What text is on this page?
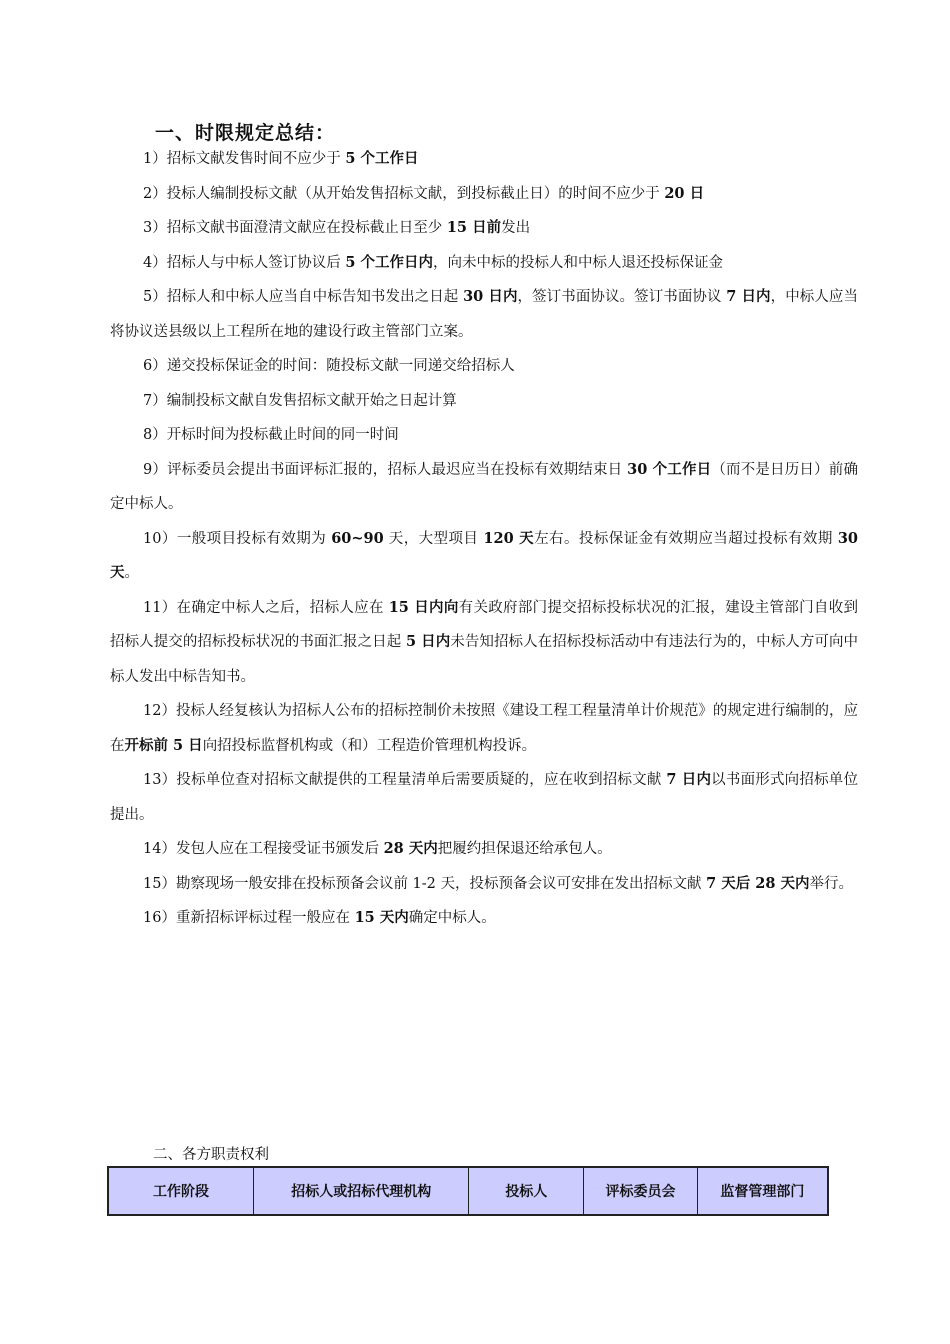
一、时限规定总结：

1）招标文献发售时间不应少于 5 个工作日

2）投标人编制投标文献（从开始发售招标文献，到投标截止日）的时间不应少于 20 日

3）招标文献书面澄清文献应在投标截止日至少 15 日前发出

4）招标人与中标人签订协议后 5 个工作日内，向未中标的投标人和中标人退还投标保证金

5）招标人和中标人应当自中标告知书发出之日起 30 日内，签订书面协议。签订书面协议 7 日内，中标人应当将协议送县级以上工程所在地的建设行政主管部门立案。

6）递交投标保证金的时间：随投标文献一同递交给招标人

7）编制投标文献自发售招标文献开始之日起计算

8）开标时间为投标截止时间的同一时间

9）评标委员会提出书面评标汇报的，招标人最迟应当在投标有效期结束日 30 个工作日（而不是日历日）前确定中标人。

10）一般项目投标有效期为 60~90 天，大型项目 120 天左右。投标保证金有效期应当超过投标有效期 30 天。

11）在确定中标人之后，招标人应在 15 日内向有关政府部门提交招标投标状况的汇报，建设主管部门自收到招标人提交的招标投标状况的书面汇报之日起 5 日内未告知招标人在招标投标活动中有违法行为的，中标人方可向中标人发出中标告知书。

12）投标人经复核认为招标人公布的招标控制价未按照《建设工程工程量清单计价规范》的规定进行编制的，应在开标前 5 日向招投标监督机构或（和）工程造价管理机构投诉。

13）投标单位查对招标文献提供的工程量清单后需要质疑的，应在收到招标文献 7 日内以书面形式向招标单位提出。

14）发包人应在工程接受证书颁发后 28 天内把履约担保退还给承包人。

15）勘察现场一般安排在投标预备会议前 1-2 天，投标预备会议可安排在发出招标文献 7 天后 28 天内举行。

16）重新招标评标过程一般应在 15 天内确定中标人。

二、各方职责权利
工作阶段	招标人或招标代理机构	投标人	评标委员会	监督管理部门
